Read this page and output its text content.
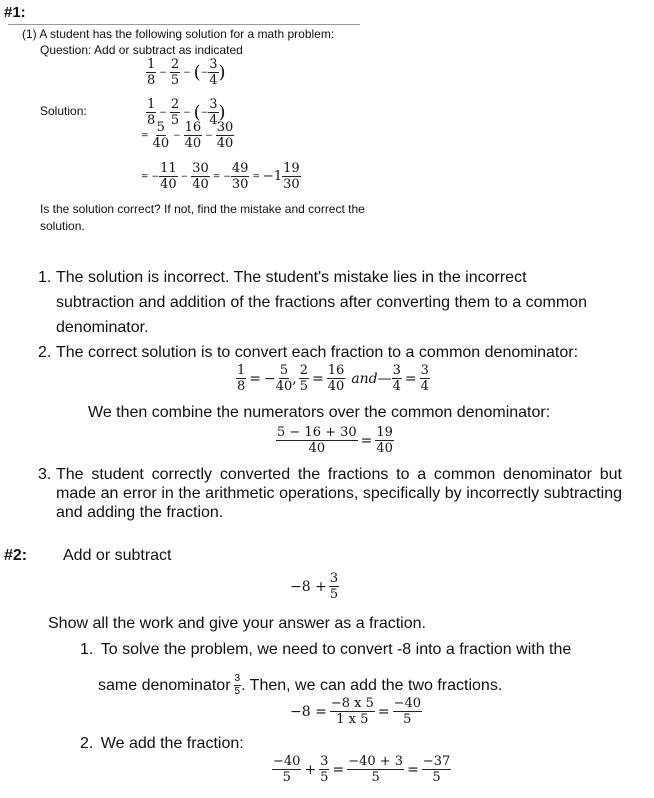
#1:
(1) A student has the following solution for a math problem:
Question: Add or subtract as indicated
$\frac{1}{8} - \frac{2}{5}$ − ( − $\frac{3}{4}$ )
Solution:	$\frac{1}{8} - \frac{2}{5}$ − ( − $\frac{3}{4}$ )
= $\frac{5}{40} - \frac{16}{40} - \frac{30}{40}$
= − $\frac{11}{40} - \frac{30}{40}$ = − $\frac{49}{30}$ = − $1 \frac{19}{30}$
Is the solution correct? If not, find the mistake and correct the solution.
1. The solution is incorrect. The student's mistake lies in the incorrect subtraction and addition of the fractions after converting them to a common denominator.
2. The correct solution is to convert each fraction to a common denominator:
$\frac{1}{8}$ = − $\frac{5}{40}$ , $\frac{2}{5} = \frac{16}{40}$ and — $\frac{3}{4} = \frac{3}{4}$
We then combine the numerators over the common denominator:
$\frac{5 - 16 + 30}{40} = \frac{19}{40}$
3. The student correctly converted the fractions to a common denominator but made an error in the arithmetic operations, specifically by incorrectly subtracting and adding the fraction.
#2: Add or subtract
$-8 + \frac{3}{5}$
Show all the work and give your answer as a fraction.
1. To solve the problem, we need to convert -8 into a fraction with the
same denominator $\frac{3}{5}$ . Then, we can add the two fractions.
$-8 = \frac{-8 x 5}{1 x 5} = \frac{-40}{5}$
2. We add the fraction:
$\frac{-40}{5} + \frac{3}{5} = \frac{-40 + 3}{5} = \frac{-37}{5}$
